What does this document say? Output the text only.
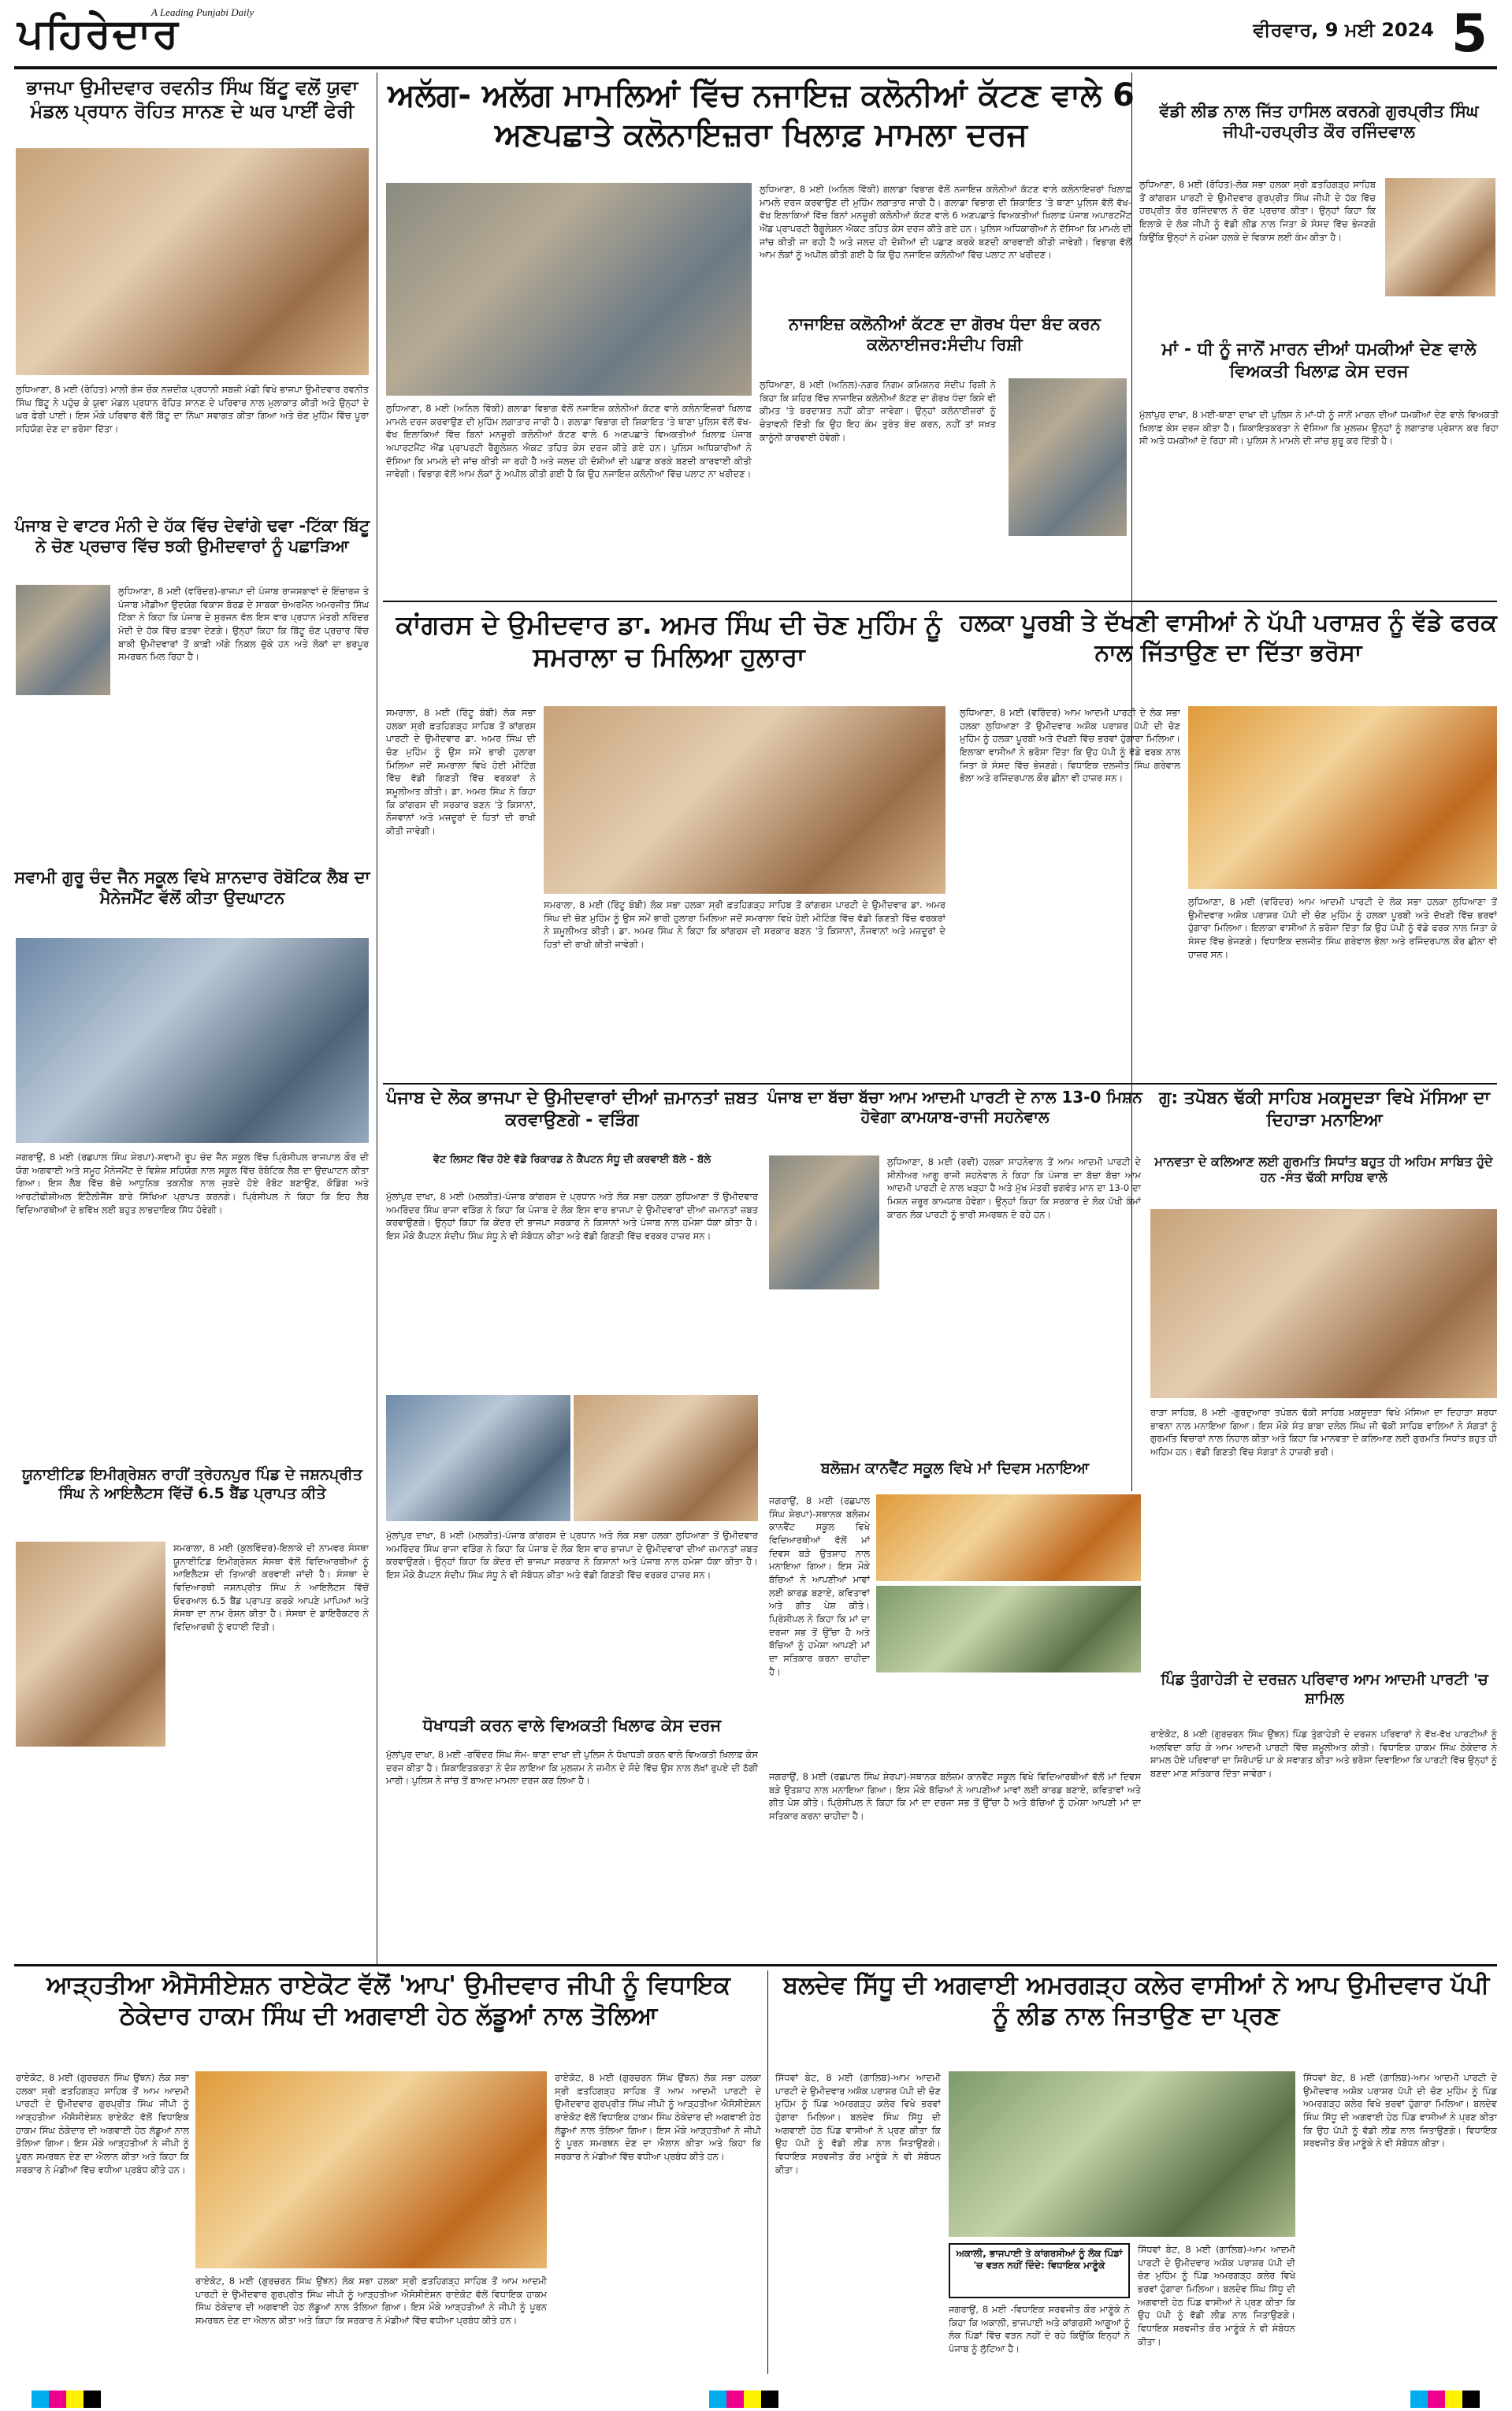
ਪਹਿਰੇਦਾਰ
A Leading Punjabi Daily
ਵੀਰਵਾਰ, 9 ਮਈ 2024 5
ਭਾਜਪਾ ਉਮੀਦਵਾਰ ਰਵਨੀਤ ਸਿੰਘ ਬਿੱਟੂ ਵਲੋਂ ਯੁਵਾ ਮੰਡਲ ਪ੍ਰਧਾਨ ਰੋਹਿਤ ਸਾਨਣ ਦੇ ਘਰ ਪਾਈਂ ਫੇਰੀ
ਲੁਧਿਆਣਾ, 8 ਮਈ (ਰੋਹਿਤ) ਮਾਲੀ ਗੰਜ ਚੌਕ ਨਜ਼ਦੀਕ ਪ੍ਰਧਾਨੀ ਸਬਜ਼ੀ ਮੰਡੀ ਵਿਖੇ ਭਾਜਪਾ ਉਮੀਦਵਾਰ ਰਵਨੀਤ ਸਿੰਘ ਬਿੱਟੂ ਨੇ ਪਹੁੰਚ ਕੇ ਯੁਵਾ ਮੰਡਲ ਪ੍ਰਧਾਨ ਰੋਹਿਤ ਸਾਨਣ ਦੇ ਪਰਿਵਾਰ ਨਾਲ ਮੁਲਾਕਾਤ ਕੀਤੀ ਅਤੇ ਉਨ੍ਹਾਂ ਦੇ ਘਰ ਫੇਰੀ ਪਾਈ। ਇਸ ਮੌਕੇ ਪਰਿਵਾਰ ਵੱਲੋਂ ਬਿੱਟੂ ਦਾ ਨਿੱਘਾ ਸਵਾਗਤ ਕੀਤਾ ਗਿਆ ਅਤੇ ਚੋਣ ਮੁਹਿੰਮ ਵਿੱਚ ਪੂਰਾ ਸਹਿਯੋਗ ਦੇਣ ਦਾ ਭਰੋਸਾ ਦਿੱਤਾ।
ਪੰਜਾਬ ਦੇ ਵਾਟਰ ਮੰਨੀ ਦੇ ਹੱਕ ਵਿੱਚ ਦੇਵਾਂਗੇ ਢਵਾ -ਟਿੱਕਾ ਬਿੱਟੂ ਨੇ ਚੋਣ ਪ੍ਰਚਾਰ ਵਿੱਚ ਝਕੀ ਉਮੀਦਵਾਰਾਂ ਨੂੰ ਪਛਾੜਿਆ
ਲੁਧਿਆਣਾ, 8 ਮਈ (ਵਰਿੰਦਰ)-ਭਾਜਪਾ ਦੀ ਪੰਜਾਬ ਰਾਜਸਭਾਵਾਂ ਦੇ ਇੰਚਾਰਜ ਤੇ ਪੰਜਾਬ ਮੀਡੀਆ ਉਦਯੋਗ ਵਿਕਾਸ ਬੋਰਡ ਦੇ ਸਾਬਕਾ ਚੇਅਰਮੈਨ ਅਮਰਜੀਤ ਸਿੰਘ ਟਿੱਕਾ ਨੇ ਕਿਹਾ ਕਿ ਪੰਜਾਬ ਦੇ ਸੁਰਜਨ ਵੱਲ ਇਸ ਵਾਰ ਪ੍ਰਧਾਨ ਮੰਤਰੀ ਨਰਿੰਦਰ ਮੋਦੀ ਦੇ ਹੱਕ ਵਿੱਚ ਫ਼ਤਵਾ ਦੇਣਗੇ। ਉਨ੍ਹਾਂ ਕਿਹਾ ਕਿ ਬਿੱਟੂ ਚੋਣ ਪ੍ਰਚਾਰ ਵਿੱਚ ਬਾਕੀ ਉਮੀਦਵਾਰਾਂ ਤੋਂ ਕਾਫ਼ੀ ਅੱਗੇ ਨਿਕਲ ਚੁੱਕੇ ਹਨ ਅਤੇ ਲੋਕਾਂ ਦਾ ਭਰਪੂਰ ਸਮਰਥਨ ਮਿਲ ਰਿਹਾ ਹੈ।
ਸਵਾਮੀ ਗੁਰੂ ਚੰਦ ਜੈਨ ਸਕੂਲ ਵਿਖੇ ਸ਼ਾਨਦਾਰ ਰੋਬੋਟਿਕ ਲੈਬ ਦਾ ਮੈਨੇਜਮੈਂਟ ਵੱਲੋਂ ਕੀਤਾ ਉਦਘਾਟਨ
ਜਗਰਾਉਂ, 8 ਮਈ (ਰਛਪਾਲ ਸਿੰਘ ਸ਼ੇਰਪਾ)-ਸਵਾਮੀ ਰੂਪ ਚੰਦ ਜੈਨ ਸਕੂਲ ਵਿੱਚ ਪ੍ਰਿੰਸੀਪਲ ਰਾਜਪਾਲ ਕੌਰ ਦੀ ਯੋਗ ਅਗਵਾਈ ਅਤੇ ਸਮੂਹ ਮੈਨੇਜਮੈਂਟ ਦੇ ਵਿਸ਼ੇਸ਼ ਸਹਿਯੋਗ ਨਾਲ ਸਕੂਲ ਵਿੱਚ ਰੋਬੋਟਿਕ ਲੈਬ ਦਾ ਉਦਘਾਟਨ ਕੀਤਾ ਗਿਆ। ਇਸ ਲੈਬ ਵਿੱਚ ਬੱਚੇ ਆਧੁਨਿਕ ਤਕਨੀਕ ਨਾਲ ਜੁੜਦੇ ਹੋਏ ਰੋਬੋਟ ਬਣਾਉਣ, ਕੋਡਿੰਗ ਅਤੇ ਆਰਟੀਫੀਸ਼ੀਅਲ ਇੰਟੈਲੀਜੈਂਸ ਬਾਰੇ ਸਿੱਖਿਆ ਪ੍ਰਾਪਤ ਕਰਨਗੇ। ਪ੍ਰਿੰਸੀਪਲ ਨੇ ਕਿਹਾ ਕਿ ਇਹ ਲੈਬ ਵਿਦਿਆਰਥੀਆਂ ਦੇ ਭਵਿੱਖ ਲਈ ਬਹੁਤ ਲਾਭਦਾਇਕ ਸਿੱਧ ਹੋਵੇਗੀ।
ਯੂਨਾਈਟਿਡ ਇਮੀਗ੍ਰੇਸ਼ਨ ਰਾਹੀਂ ਤ੍ਰੇਹਨਪੁਰ ਪਿੰਡ ਦੇ ਜਸ਼ਨਪ੍ਰੀਤ ਸਿੰਘ ਨੇ ਆਇਲੈਟਸ ਵਿੱਚੋਂ 6.5 ਬੈਂਡ ਪ੍ਰਾਪਤ ਕੀਤੇ
ਸਮਰਾਲਾ, 8 ਮਈ (ਕੁਲਵਿੰਦਰ)-ਇਲਾਕੇ ਦੀ ਨਾਮਵਰ ਸੰਸਥਾ ਯੂਨਾਈਟਿਡ ਇਮੀਗ੍ਰੇਸ਼ਨ ਸੰਸਥਾ ਵੱਲੋਂ ਵਿਦਿਆਰਥੀਆਂ ਨੂੰ ਆਇਲੈਟਸ ਦੀ ਤਿਆਰੀ ਕਰਵਾਈ ਜਾਂਦੀ ਹੈ। ਸੰਸਥਾ ਦੇ ਵਿਦਿਆਰਥੀ ਜਸ਼ਨਪ੍ਰੀਤ ਸਿੰਘ ਨੇ ਆਇਲੈਟਸ ਵਿੱਚੋਂ ਓਵਰਆਲ 6.5 ਬੈਂਡ ਪ੍ਰਾਪਤ ਕਰਕੇ ਆਪਣੇ ਮਾਪਿਆਂ ਅਤੇ ਸੰਸਥਾ ਦਾ ਨਾਮ ਰੋਸ਼ਨ ਕੀਤਾ ਹੈ। ਸੰਸਥਾ ਦੇ ਡਾਇਰੈਕਟਰ ਨੇ ਵਿਦਿਆਰਥੀ ਨੂੰ ਵਧਾਈ ਦਿੱਤੀ।
ਅਲੱਗ- ਅਲੱਗ ਮਾਮਲਿਆਂ ਵਿੱਚ ਨਜਾਇਜ਼ ਕਲੋਨੀਆਂ ਕੱਟਣ ਵਾਲੇ 6 ਅਣਪਛਾਤੇ ਕਲੋਨਾਇਜ਼ਰਾ ਖਿਲਾਫ਼ ਮਾਮਲਾ ਦਰਜ
ਲੁਧਿਆਣਾ, 8 ਮਈ (ਅਨਿਲ ਵਿੱਕੀ) ਗਲਾਡਾ ਵਿਭਾਗ ਵੱਲੋਂ ਨਜਾਇਜ਼ ਕਲੋਨੀਆਂ ਕੱਟਣ ਵਾਲੇ ਕਲੋਨਾਇਜ਼ਰਾਂ ਖਿਲਾਫ਼ ਮਾਮਲੇ ਦਰਜ ਕਰਵਾਉਣ ਦੀ ਮੁਹਿੰਮ ਲਗਾਤਾਰ ਜਾਰੀ ਹੈ। ਗਲਾਡਾ ਵਿਭਾਗ ਦੀ ਸ਼ਿਕਾਇਤ 'ਤੇ ਥਾਣਾ ਪੁਲਿਸ ਵੱਲੋਂ ਵੱਖ-ਵੱਖ ਇਲਾਕਿਆਂ ਵਿੱਚ ਬਿਨਾਂ ਮਨਜ਼ੂਰੀ ਕਲੋਨੀਆਂ ਕੱਟਣ ਵਾਲੇ 6 ਅਣਪਛਾਤੇ ਵਿਅਕਤੀਆਂ ਖ਼ਿਲਾਫ਼ ਪੰਜਾਬ ਅਪਾਰਟਮੈਂਟ ਐਂਡ ਪ੍ਰਾਪਰਟੀ ਰੈਗੂਲੇਸ਼ਨ ਐਕਟ ਤਹਿਤ ਕੇਸ ਦਰਜ ਕੀਤੇ ਗਏ ਹਨ। ਪੁਲਿਸ ਅਧਿਕਾਰੀਆਂ ਨੇ ਦੱਸਿਆ ਕਿ ਮਾਮਲੇ ਦੀ ਜਾਂਚ ਕੀਤੀ ਜਾ ਰਹੀ ਹੈ ਅਤੇ ਜਲਦ ਹੀ ਦੋਸ਼ੀਆਂ ਦੀ ਪਛਾਣ ਕਰਕੇ ਬਣਦੀ ਕਾਰਵਾਈ ਕੀਤੀ ਜਾਵੇਗੀ। ਵਿਭਾਗ ਵੱਲੋਂ ਆਮ ਲੋਕਾਂ ਨੂੰ ਅਪੀਲ ਕੀਤੀ ਗਈ ਹੈ ਕਿ ਉਹ ਨਜਾਇਜ਼ ਕਲੋਨੀਆਂ ਵਿੱਚ ਪਲਾਟ ਨਾ ਖਰੀਦਣ।
ਲੁਧਿਆਣਾ, 8 ਮਈ (ਅਨਿਲ ਵਿੱਕੀ) ਗਲਾਡਾ ਵਿਭਾਗ ਵੱਲੋਂ ਨਜਾਇਜ਼ ਕਲੋਨੀਆਂ ਕੱਟਣ ਵਾਲੇ ਕਲੋਨਾਇਜ਼ਰਾਂ ਖਿਲਾਫ਼ ਮਾਮਲੇ ਦਰਜ ਕਰਵਾਉਣ ਦੀ ਮੁਹਿੰਮ ਲਗਾਤਾਰ ਜਾਰੀ ਹੈ। ਗਲਾਡਾ ਵਿਭਾਗ ਦੀ ਸ਼ਿਕਾਇਤ 'ਤੇ ਥਾਣਾ ਪੁਲਿਸ ਵੱਲੋਂ ਵੱਖ-ਵੱਖ ਇਲਾਕਿਆਂ ਵਿੱਚ ਬਿਨਾਂ ਮਨਜ਼ੂਰੀ ਕਲੋਨੀਆਂ ਕੱਟਣ ਵਾਲੇ 6 ਅਣਪਛਾਤੇ ਵਿਅਕਤੀਆਂ ਖ਼ਿਲਾਫ਼ ਪੰਜਾਬ ਅਪਾਰਟਮੈਂਟ ਐਂਡ ਪ੍ਰਾਪਰਟੀ ਰੈਗੂਲੇਸ਼ਨ ਐਕਟ ਤਹਿਤ ਕੇਸ ਦਰਜ ਕੀਤੇ ਗਏ ਹਨ। ਪੁਲਿਸ ਅਧਿਕਾਰੀਆਂ ਨੇ ਦੱਸਿਆ ਕਿ ਮਾਮਲੇ ਦੀ ਜਾਂਚ ਕੀਤੀ ਜਾ ਰਹੀ ਹੈ ਅਤੇ ਜਲਦ ਹੀ ਦੋਸ਼ੀਆਂ ਦੀ ਪਛਾਣ ਕਰਕੇ ਬਣਦੀ ਕਾਰਵਾਈ ਕੀਤੀ ਜਾਵੇਗੀ। ਵਿਭਾਗ ਵੱਲੋਂ ਆਮ ਲੋਕਾਂ ਨੂੰ ਅਪੀਲ ਕੀਤੀ ਗਈ ਹੈ ਕਿ ਉਹ ਨਜਾਇਜ਼ ਕਲੋਨੀਆਂ ਵਿੱਚ ਪਲਾਟ ਨਾ ਖਰੀਦਣ।
ਨਾਜਾਇਜ਼ ਕਲੋਨੀਆਂ ਕੱਟਣ ਦਾ ਗੋਰਖ ਧੰਦਾ ਬੰਦ ਕਰਨ ਕਲੋਨਾਈਜਰ:ਸੰਦੀਪ ਰਿਸ਼ੀ
ਲੁਧਿਆਣਾ, 8 ਮਈ (ਅਨਿਲ)-ਨਗਰ ਨਿਗਮ ਕਮਿਸ਼ਨਰ ਸੰਦੀਪ ਰਿਸ਼ੀ ਨੇ ਕਿਹਾ ਕਿ ਸ਼ਹਿਰ ਵਿੱਚ ਨਾਜਾਇਜ਼ ਕਲੋਨੀਆਂ ਕੱਟਣ ਦਾ ਗੋਰਖ ਧੰਦਾ ਕਿਸੇ ਵੀ ਕੀਮਤ 'ਤੇ ਬਰਦਾਸ਼ਤ ਨਹੀਂ ਕੀਤਾ ਜਾਵੇਗਾ। ਉਨ੍ਹਾਂ ਕਲੋਨਾਈਜ਼ਰਾਂ ਨੂੰ ਚੇਤਾਵਨੀ ਦਿੱਤੀ ਕਿ ਉਹ ਇਹ ਕੰਮ ਤੁਰੰਤ ਬੰਦ ਕਰਨ, ਨਹੀਂ ਤਾਂ ਸਖ਼ਤ ਕਾਨੂੰਨੀ ਕਾਰਵਾਈ ਹੋਵੇਗੀ।
ਵੱਡੀ ਲੀਡ ਨਾਲ ਜਿੱਤ ਹਾਸਿਲ ਕਰਨਗੇ ਗੁਰਪ੍ਰੀਤ ਸਿੰਘ ਜੀਪੀ-ਹਰਪ੍ਰੀਤ ਕੌਰ ਰਜਿੰਦਵਾਲ
ਲੁਧਿਆਣਾ, 8 ਮਈ (ਰੋਹਿਤ)-ਲੋਕ ਸਭਾ ਹਲਕਾ ਸ੍ਰੀ ਫ਼ਤਹਿਗੜ੍ਹ ਸਾਹਿਬ ਤੋਂ ਕਾਂਗਰਸ ਪਾਰਟੀ ਦੇ ਉਮੀਦਵਾਰ ਗੁਰਪ੍ਰੀਤ ਸਿੰਘ ਜੀਪੀ ਦੇ ਹੱਕ ਵਿੱਚ ਹਰਪ੍ਰੀਤ ਕੌਰ ਰਜਿੰਦਵਾਲ ਨੇ ਚੋਣ ਪ੍ਰਚਾਰ ਕੀਤਾ। ਉਨ੍ਹਾਂ ਕਿਹਾ ਕਿ ਇਲਾਕੇ ਦੇ ਲੋਕ ਜੀਪੀ ਨੂੰ ਵੱਡੀ ਲੀਡ ਨਾਲ ਜਿਤਾ ਕੇ ਸੰਸਦ ਵਿੱਚ ਭੇਜਣਗੇ ਕਿਉਂਕਿ ਉਨ੍ਹਾਂ ਨੇ ਹਮੇਸ਼ਾ ਹਲਕੇ ਦੇ ਵਿਕਾਸ ਲਈ ਕੰਮ ਕੀਤਾ ਹੈ।
ਮਾਂ - ਧੀ ਨੂੰ ਜਾਨੋਂ ਮਾਰਨ ਦੀਆਂ ਧਮਕੀਆਂ ਦੇਣ ਵਾਲੇ ਵਿਅਕਤੀ ਖਿਲਾਫ਼ ਕੇਸ ਦਰਜ
ਮੁੱਲਾਂਪੁਰ ਦਾਖਾ, 8 ਮਈ-ਥਾਣਾ ਦਾਖਾ ਦੀ ਪੁਲਿਸ ਨੇ ਮਾਂ-ਧੀ ਨੂੰ ਜਾਨੋਂ ਮਾਰਨ ਦੀਆਂ ਧਮਕੀਆਂ ਦੇਣ ਵਾਲੇ ਵਿਅਕਤੀ ਖ਼ਿਲਾਫ਼ ਕੇਸ ਦਰਜ ਕੀਤਾ ਹੈ। ਸ਼ਿਕਾਇਤਕਰਤਾ ਨੇ ਦੱਸਿਆ ਕਿ ਮੁਲਜ਼ਮ ਉਨ੍ਹਾਂ ਨੂੰ ਲਗਾਤਾਰ ਪ੍ਰੇਸ਼ਾਨ ਕਰ ਰਿਹਾ ਸੀ ਅਤੇ ਧਮਕੀਆਂ ਦੇ ਰਿਹਾ ਸੀ। ਪੁਲਿਸ ਨੇ ਮਾਮਲੇ ਦੀ ਜਾਂਚ ਸ਼ੁਰੂ ਕਰ ਦਿੱਤੀ ਹੈ।
ਕਾਂਗਰਸ ਦੇ ਉਮੀਦਵਾਰ ਡਾ. ਅਮਰ ਸਿੰਘ ਦੀ ਚੋਣ ਮੁਹਿੰਮ ਨੂੰ ਸਮਰਾਲਾ ਚ ਮਿਲਿਆ ਹੁਲਾਰਾ
ਸਮਰਾਲਾ, 8 ਮਈ (ਰਿੰਟੂ ਬੰਬੀ) ਲੋਕ ਸਭਾ ਹਲਕਾ ਸ੍ਰੀ ਫ਼ਤਹਿਗੜ੍ਹ ਸਾਹਿਬ ਤੋਂ ਕਾਂਗਰਸ ਪਾਰਟੀ ਦੇ ਉਮੀਦਵਾਰ ਡਾ. ਅਮਰ ਸਿੰਘ ਦੀ ਚੋਣ ਮੁਹਿੰਮ ਨੂੰ ਉਸ ਸਮੇਂ ਭਾਰੀ ਹੁਲਾਰਾ ਮਿਲਿਆ ਜਦੋਂ ਸਮਰਾਲਾ ਵਿਖੇ ਹੋਈ ਮੀਟਿੰਗ ਵਿੱਚ ਵੱਡੀ ਗਿਣਤੀ ਵਿੱਚ ਵਰਕਰਾਂ ਨੇ ਸ਼ਮੂਲੀਅਤ ਕੀਤੀ। ਡਾ. ਅਮਰ ਸਿੰਘ ਨੇ ਕਿਹਾ ਕਿ ਕਾਂਗਰਸ ਦੀ ਸਰਕਾਰ ਬਣਨ 'ਤੇ ਕਿਸਾਨਾਂ, ਨੌਜਵਾਨਾਂ ਅਤੇ ਮਜ਼ਦੂਰਾਂ ਦੇ ਹਿਤਾਂ ਦੀ ਰਾਖੀ ਕੀਤੀ ਜਾਵੇਗੀ।
ਸਮਰਾਲਾ, 8 ਮਈ (ਰਿੰਟੂ ਬੰਬੀ) ਲੋਕ ਸਭਾ ਹਲਕਾ ਸ੍ਰੀ ਫ਼ਤਹਿਗੜ੍ਹ ਸਾਹਿਬ ਤੋਂ ਕਾਂਗਰਸ ਪਾਰਟੀ ਦੇ ਉਮੀਦਵਾਰ ਡਾ. ਅਮਰ ਸਿੰਘ ਦੀ ਚੋਣ ਮੁਹਿੰਮ ਨੂੰ ਉਸ ਸਮੇਂ ਭਾਰੀ ਹੁਲਾਰਾ ਮਿਲਿਆ ਜਦੋਂ ਸਮਰਾਲਾ ਵਿਖੇ ਹੋਈ ਮੀਟਿੰਗ ਵਿੱਚ ਵੱਡੀ ਗਿਣਤੀ ਵਿੱਚ ਵਰਕਰਾਂ ਨੇ ਸ਼ਮੂਲੀਅਤ ਕੀਤੀ। ਡਾ. ਅਮਰ ਸਿੰਘ ਨੇ ਕਿਹਾ ਕਿ ਕਾਂਗਰਸ ਦੀ ਸਰਕਾਰ ਬਣਨ 'ਤੇ ਕਿਸਾਨਾਂ, ਨੌਜਵਾਨਾਂ ਅਤੇ ਮਜ਼ਦੂਰਾਂ ਦੇ ਹਿਤਾਂ ਦੀ ਰਾਖੀ ਕੀਤੀ ਜਾਵੇਗੀ।
ਹਲਕਾ ਪੂਰਬੀ ਤੇ ਦੱਖਣੀ ਵਾਸੀਆਂ ਨੇ ਪੱਪੀ ਪਰਾਸ਼ਰ ਨੂੰ ਵੱਡੇ ਫਰਕ ਨਾਲ ਜਿੱਤਾਉਣ ਦਾ ਦਿੱਤਾ ਭਰੋਸਾ
ਲੁਧਿਆਣਾ, 8 ਮਈ (ਵਰਿੰਦਰ) ਆਮ ਆਦਮੀ ਪਾਰਟੀ ਦੇ ਲੋਕ ਸਭਾ ਹਲਕਾ ਲੁਧਿਆਣਾ ਤੋਂ ਉਮੀਦਵਾਰ ਅਸ਼ੋਕ ਪਰਾਸ਼ਰ ਪੱਪੀ ਦੀ ਚੋਣ ਮੁਹਿੰਮ ਨੂੰ ਹਲਕਾ ਪੂਰਬੀ ਅਤੇ ਦੱਖਣੀ ਵਿੱਚ ਭਰਵਾਂ ਹੁੰਗਾਰਾ ਮਿਲਿਆ। ਇਲਾਕਾ ਵਾਸੀਆਂ ਨੇ ਭਰੋਸਾ ਦਿੱਤਾ ਕਿ ਉਹ ਪੱਪੀ ਨੂੰ ਵੱਡੇ ਫਰਕ ਨਾਲ ਜਿਤਾ ਕੇ ਸੰਸਦ ਵਿੱਚ ਭੇਜਣਗੇ। ਵਿਧਾਇਕ ਦਲਜੀਤ ਸਿੰਘ ਗਰੇਵਾਲ ਭੋਲਾ ਅਤੇ ਰਜਿੰਦਰਪਾਲ ਕੌਰ ਛੀਨਾ ਵੀ ਹਾਜ਼ਰ ਸਨ।
ਲੁਧਿਆਣਾ, 8 ਮਈ (ਵਰਿੰਦਰ) ਆਮ ਆਦਮੀ ਪਾਰਟੀ ਦੇ ਲੋਕ ਸਭਾ ਹਲਕਾ ਲੁਧਿਆਣਾ ਤੋਂ ਉਮੀਦਵਾਰ ਅਸ਼ੋਕ ਪਰਾਸ਼ਰ ਪੱਪੀ ਦੀ ਚੋਣ ਮੁਹਿੰਮ ਨੂੰ ਹਲਕਾ ਪੂਰਬੀ ਅਤੇ ਦੱਖਣੀ ਵਿੱਚ ਭਰਵਾਂ ਹੁੰਗਾਰਾ ਮਿਲਿਆ। ਇਲਾਕਾ ਵਾਸੀਆਂ ਨੇ ਭਰੋਸਾ ਦਿੱਤਾ ਕਿ ਉਹ ਪੱਪੀ ਨੂੰ ਵੱਡੇ ਫਰਕ ਨਾਲ ਜਿਤਾ ਕੇ ਸੰਸਦ ਵਿੱਚ ਭੇਜਣਗੇ। ਵਿਧਾਇਕ ਦਲਜੀਤ ਸਿੰਘ ਗਰੇਵਾਲ ਭੋਲਾ ਅਤੇ ਰਜਿੰਦਰਪਾਲ ਕੌਰ ਛੀਨਾ ਵੀ ਹਾਜ਼ਰ ਸਨ।
ਪੰਜਾਬ ਦੇ ਲੋਕ ਭਾਜਪਾ ਦੇ ਉਮੀਦਵਾਰਾਂ ਦੀਆਂ ਜ਼ਮਾਨਤਾਂ ਜ਼ਬਤ ਕਰਵਾਉਣਗੇ - ਵੜਿੰਗ
ਵੋਟ ਲਿਸਟ ਵਿੱਚ ਹੋਏ ਵੱਡੇ ਰਿਕਾਰਡ ਨੇ ਕੈਪਟਨ ਸੰਧੂ ਦੀ ਕਰਵਾਈ ਬੱਲੇ - ਬੱਲੇ
ਮੁੱਲਾਂਪੁਰ ਦਾਖਾ, 8 ਮਈ (ਮਲਕੀਤ)-ਪੰਜਾਬ ਕਾਂਗਰਸ ਦੇ ਪ੍ਰਧਾਨ ਅਤੇ ਲੋਕ ਸਭਾ ਹਲਕਾ ਲੁਧਿਆਣਾ ਤੋਂ ਉਮੀਦਵਾਰ ਅਮਰਿੰਦਰ ਸਿੰਘ ਰਾਜਾ ਵੜਿੰਗ ਨੇ ਕਿਹਾ ਕਿ ਪੰਜਾਬ ਦੇ ਲੋਕ ਇਸ ਵਾਰ ਭਾਜਪਾ ਦੇ ਉਮੀਦਵਾਰਾਂ ਦੀਆਂ ਜ਼ਮਾਨਤਾਂ ਜ਼ਬਤ ਕਰਵਾਉਣਗੇ। ਉਨ੍ਹਾਂ ਕਿਹਾ ਕਿ ਕੇਂਦਰ ਦੀ ਭਾਜਪਾ ਸਰਕਾਰ ਨੇ ਕਿਸਾਨਾਂ ਅਤੇ ਪੰਜਾਬ ਨਾਲ ਹਮੇਸ਼ਾ ਧੱਕਾ ਕੀਤਾ ਹੈ। ਇਸ ਮੌਕੇ ਕੈਪਟਨ ਸੰਦੀਪ ਸਿੰਘ ਸੰਧੂ ਨੇ ਵੀ ਸੰਬੋਧਨ ਕੀਤਾ ਅਤੇ ਵੱਡੀ ਗਿਣਤੀ ਵਿੱਚ ਵਰਕਰ ਹਾਜ਼ਰ ਸਨ।
ਮੁੱਲਾਂਪੁਰ ਦਾਖਾ, 8 ਮਈ (ਮਲਕੀਤ)-ਪੰਜਾਬ ਕਾਂਗਰਸ ਦੇ ਪ੍ਰਧਾਨ ਅਤੇ ਲੋਕ ਸਭਾ ਹਲਕਾ ਲੁਧਿਆਣਾ ਤੋਂ ਉਮੀਦਵਾਰ ਅਮਰਿੰਦਰ ਸਿੰਘ ਰਾਜਾ ਵੜਿੰਗ ਨੇ ਕਿਹਾ ਕਿ ਪੰਜਾਬ ਦੇ ਲੋਕ ਇਸ ਵਾਰ ਭਾਜਪਾ ਦੇ ਉਮੀਦਵਾਰਾਂ ਦੀਆਂ ਜ਼ਮਾਨਤਾਂ ਜ਼ਬਤ ਕਰਵਾਉਣਗੇ। ਉਨ੍ਹਾਂ ਕਿਹਾ ਕਿ ਕੇਂਦਰ ਦੀ ਭਾਜਪਾ ਸਰਕਾਰ ਨੇ ਕਿਸਾਨਾਂ ਅਤੇ ਪੰਜਾਬ ਨਾਲ ਹਮੇਸ਼ਾ ਧੱਕਾ ਕੀਤਾ ਹੈ। ਇਸ ਮੌਕੇ ਕੈਪਟਨ ਸੰਦੀਪ ਸਿੰਘ ਸੰਧੂ ਨੇ ਵੀ ਸੰਬੋਧਨ ਕੀਤਾ ਅਤੇ ਵੱਡੀ ਗਿਣਤੀ ਵਿੱਚ ਵਰਕਰ ਹਾਜ਼ਰ ਸਨ।
ਧੋਖਾਧੜੀ ਕਰਨ ਵਾਲੇ ਵਿਅਕਤੀ ਖਿਲਾਫ ਕੇਸ ਦਰਜ
ਮੁੱਲਾਂਪੁਰ ਦਾਖਾ, 8 ਮਈ -ਰਵਿੰਦਰ ਸਿੰਘ ਸੋਮ- ਥਾਣਾ ਦਾਖਾ ਦੀ ਪੁਲਿਸ ਨੇ ਧੋਖਾਧੜੀ ਕਰਨ ਵਾਲੇ ਵਿਅਕਤੀ ਖ਼ਿਲਾਫ਼ ਕੇਸ ਦਰਜ ਕੀਤਾ ਹੈ। ਸ਼ਿਕਾਇਤਕਰਤਾ ਨੇ ਦੋਸ਼ ਲਾਇਆ ਕਿ ਮੁਲਜ਼ਮ ਨੇ ਜ਼ਮੀਨ ਦੇ ਸੌਦੇ ਵਿੱਚ ਉਸ ਨਾਲ ਲੱਖਾਂ ਰੁਪਏ ਦੀ ਠੱਗੀ ਮਾਰੀ। ਪੁਲਿਸ ਨੇ ਜਾਂਚ ਤੋਂ ਬਾਅਦ ਮਾਮਲਾ ਦਰਜ ਕਰ ਲਿਆ ਹੈ।
ਪੰਜਾਬ ਦਾ ਬੱਚਾ ਬੱਚਾ ਆਮ ਆਦਮੀ ਪਾਰਟੀ ਦੇ ਨਾਲ 13-0 ਮਿਸ਼ਨ ਹੋਵੇਗਾ ਕਾਮਯਾਬ-ਰਾਜੀ ਸਹਨੇਵਾਲ
ਲੁਧਿਆਣਾ, 8 ਮਈ (ਰਵੀ) ਹਲਕਾ ਸਾਹਨੇਵਾਲ ਤੋਂ ਆਮ ਆਦਮੀ ਪਾਰਟੀ ਦੇ ਸੀਨੀਅਰ ਆਗੂ ਰਾਜੀ ਸਹਨੇਵਾਲ ਨੇ ਕਿਹਾ ਕਿ ਪੰਜਾਬ ਦਾ ਬੱਚਾ ਬੱਚਾ ਆਮ ਆਦਮੀ ਪਾਰਟੀ ਦੇ ਨਾਲ ਖੜ੍ਹਾ ਹੈ ਅਤੇ ਮੁੱਖ ਮੰਤਰੀ ਭਗਵੰਤ ਮਾਨ ਦਾ 13-0 ਦਾ ਮਿਸ਼ਨ ਜ਼ਰੂਰ ਕਾਮਯਾਬ ਹੋਵੇਗਾ। ਉਨ੍ਹਾਂ ਕਿਹਾ ਕਿ ਸਰਕਾਰ ਦੇ ਲੋਕ ਪੱਖੀ ਕੰਮਾਂ ਕਾਰਨ ਲੋਕ ਪਾਰਟੀ ਨੂੰ ਭਾਰੀ ਸਮਰਥਨ ਦੇ ਰਹੇ ਹਨ।
ਬਲੋਜ਼ਮ ਕਾਨਵੈਂਟ ਸਕੂਲ ਵਿਖੇ ਮਾਂ ਦਿਵਸ ਮਨਾਇਆ
ਜਗਰਾਉਂ, 8 ਮਈ (ਰਛਪਾਲ ਸਿੰਘ ਸ਼ੇਰਪਾ)-ਸਥਾਨਕ ਬਲੋਜ਼ਮ ਕਾਨਵੈਂਟ ਸਕੂਲ ਵਿਖੇ ਵਿਦਿਆਰਥੀਆਂ ਵੱਲੋਂ ਮਾਂ ਦਿਵਸ ਬੜੇ ਉਤਸ਼ਾਹ ਨਾਲ ਮਨਾਇਆ ਗਿਆ। ਇਸ ਮੌਕੇ ਬੱਚਿਆਂ ਨੇ ਆਪਣੀਆਂ ਮਾਵਾਂ ਲਈ ਕਾਰਡ ਬਣਾਏ, ਕਵਿਤਾਵਾਂ ਅਤੇ ਗੀਤ ਪੇਸ਼ ਕੀਤੇ। ਪ੍ਰਿੰਸੀਪਲ ਨੇ ਕਿਹਾ ਕਿ ਮਾਂ ਦਾ ਦਰਜਾ ਸਭ ਤੋਂ ਉੱਚਾ ਹੈ ਅਤੇ ਬੱਚਿਆਂ ਨੂੰ ਹਮੇਸ਼ਾ ਆਪਣੀ ਮਾਂ ਦਾ ਸਤਿਕਾਰ ਕਰਨਾ ਚਾਹੀਦਾ ਹੈ।
ਜਗਰਾਉਂ, 8 ਮਈ (ਰਛਪਾਲ ਸਿੰਘ ਸ਼ੇਰਪਾ)-ਸਥਾਨਕ ਬਲੋਜ਼ਮ ਕਾਨਵੈਂਟ ਸਕੂਲ ਵਿਖੇ ਵਿਦਿਆਰਥੀਆਂ ਵੱਲੋਂ ਮਾਂ ਦਿਵਸ ਬੜੇ ਉਤਸ਼ਾਹ ਨਾਲ ਮਨਾਇਆ ਗਿਆ। ਇਸ ਮੌਕੇ ਬੱਚਿਆਂ ਨੇ ਆਪਣੀਆਂ ਮਾਵਾਂ ਲਈ ਕਾਰਡ ਬਣਾਏ, ਕਵਿਤਾਵਾਂ ਅਤੇ ਗੀਤ ਪੇਸ਼ ਕੀਤੇ। ਪ੍ਰਿੰਸੀਪਲ ਨੇ ਕਿਹਾ ਕਿ ਮਾਂ ਦਾ ਦਰਜਾ ਸਭ ਤੋਂ ਉੱਚਾ ਹੈ ਅਤੇ ਬੱਚਿਆਂ ਨੂੰ ਹਮੇਸ਼ਾ ਆਪਣੀ ਮਾਂ ਦਾ ਸਤਿਕਾਰ ਕਰਨਾ ਚਾਹੀਦਾ ਹੈ।
ਗੁ: ਤਪੋਬਨ ਢੱਕੀ ਸਾਹਿਬ ਮਕਸੂਦੜਾ ਵਿਖੇ ਮੱਸਿਆ ਦਾ ਦਿਹਾੜਾ ਮਨਾਇਆ
ਮਾਨਵਤਾ ਦੇ ਕਲਿਆਣ ਲਈ ਗੁਰਮਤਿ ਸਿਧਾਂਤ ਬਹੁਤ ਹੀ ਅਹਿਮ ਸਾਬਿਤ ਹੁੰਦੇ ਹਨ -ਸੰਤ ਢੱਕੀ ਸਾਹਿਬ ਵਾਲੇ
ਰਾੜਾ ਸਾਹਿਬ, 8 ਮਈ -ਗੁਰਦੁਆਰਾ ਤਪੋਬਨ ਢੱਕੀ ਸਾਹਿਬ ਮਕਸੂਦੜਾ ਵਿਖੇ ਮੱਸਿਆ ਦਾ ਦਿਹਾੜਾ ਸ਼ਰਧਾ ਭਾਵਨਾ ਨਾਲ ਮਨਾਇਆ ਗਿਆ। ਇਸ ਮੌਕੇ ਸੰਤ ਬਾਬਾ ਦਲੇਲ ਸਿੰਘ ਜੀ ਢੱਕੀ ਸਾਹਿਬ ਵਾਲਿਆਂ ਨੇ ਸੰਗਤਾਂ ਨੂੰ ਗੁਰਮਤਿ ਵਿਚਾਰਾਂ ਨਾਲ ਨਿਹਾਲ ਕੀਤਾ ਅਤੇ ਕਿਹਾ ਕਿ ਮਾਨਵਤਾ ਦੇ ਕਲਿਆਣ ਲਈ ਗੁਰਮਤਿ ਸਿਧਾਂਤ ਬਹੁਤ ਹੀ ਅਹਿਮ ਹਨ। ਵੱਡੀ ਗਿਣਤੀ ਵਿੱਚ ਸੰਗਤਾਂ ਨੇ ਹਾਜ਼ਰੀ ਭਰੀ।
ਪਿੰਡ ਤੁੰਗਾਹੇੜੀ ਦੇ ਦਰਜ਼ਨ ਪਰਿਵਾਰ ਆਮ ਆਦਮੀ ਪਾਰਟੀ 'ਚ ਸ਼ਾਮਿਲ
ਰਾਏਕੋਟ, 8 ਮਈ (ਗੁਰਚਰਨ ਸਿੰਘ ਉਂਝਨ) ਪਿੰਡ ਤੁੰਗਾਹੇੜੀ ਦੇ ਦਰਜ਼ਨ ਪਰਿਵਾਰਾਂ ਨੇ ਵੱਖ-ਵੱਖ ਪਾਰਟੀਆਂ ਨੂੰ ਅਲਵਿਦਾ ਕਹਿ ਕੇ ਆਮ ਆਦਮੀ ਪਾਰਟੀ ਵਿੱਚ ਸ਼ਮੂਲੀਅਤ ਕੀਤੀ। ਵਿਧਾਇਕ ਹਾਕਮ ਸਿੰਘ ਠੇਕੇਦਾਰ ਨੇ ਸ਼ਾਮਲ ਹੋਏ ਪਰਿਵਾਰਾਂ ਦਾ ਸਿਰੋਪਾਓ ਪਾ ਕੇ ਸਵਾਗਤ ਕੀਤਾ ਅਤੇ ਭਰੋਸਾ ਦਿਵਾਇਆ ਕਿ ਪਾਰਟੀ ਵਿੱਚ ਉਨ੍ਹਾਂ ਨੂੰ ਬਣਦਾ ਮਾਣ ਸਤਿਕਾਰ ਦਿੱਤਾ ਜਾਵੇਗਾ।
ਆੜ੍ਹਤੀਆ ਐਸੋਸੀਏਸ਼ਨ ਰਾਏਕੋਟ ਵੱਲੋਂ 'ਆਪ' ਉਮੀਦਵਾਰ ਜੀਪੀ ਨੂੰ ਵਿਧਾਇਕ ਠੇਕੇਦਾਰ ਹਾਕਮ ਸਿੰਘ ਦੀ ਅਗਵਾਈ ਹੇਠ ਲੱਡੂਆਂ ਨਾਲ ਤੋਲਿਆ
ਰਾਏਕੋਟ, 8 ਮਈ (ਗੁਰਚਰਨ ਸਿੰਘ ਉਂਝਨ) ਲੋਕ ਸਭਾ ਹਲਕਾ ਸ੍ਰੀ ਫ਼ਤਹਿਗੜ੍ਹ ਸਾਹਿਬ ਤੋਂ ਆਮ ਆਦਮੀ ਪਾਰਟੀ ਦੇ ਉਮੀਦਵਾਰ ਗੁਰਪ੍ਰੀਤ ਸਿੰਘ ਜੀਪੀ ਨੂੰ ਆੜ੍ਹਤੀਆ ਐਸੋਸੀਏਸ਼ਨ ਰਾਏਕੋਟ ਵੱਲੋਂ ਵਿਧਾਇਕ ਹਾਕਮ ਸਿੰਘ ਠੇਕੇਦਾਰ ਦੀ ਅਗਵਾਈ ਹੇਠ ਲੱਡੂਆਂ ਨਾਲ ਤੋਲਿਆ ਗਿਆ। ਇਸ ਮੌਕੇ ਆੜ੍ਹਤੀਆਂ ਨੇ ਜੀਪੀ ਨੂੰ ਪੂਰਨ ਸਮਰਥਨ ਦੇਣ ਦਾ ਐਲਾਨ ਕੀਤਾ ਅਤੇ ਕਿਹਾ ਕਿ ਸਰਕਾਰ ਨੇ ਮੰਡੀਆਂ ਵਿੱਚ ਵਧੀਆ ਪ੍ਰਬੰਧ ਕੀਤੇ ਹਨ।
ਰਾਏਕੋਟ, 8 ਮਈ (ਗੁਰਚਰਨ ਸਿੰਘ ਉਂਝਨ) ਲੋਕ ਸਭਾ ਹਲਕਾ ਸ੍ਰੀ ਫ਼ਤਹਿਗੜ੍ਹ ਸਾਹਿਬ ਤੋਂ ਆਮ ਆਦਮੀ ਪਾਰਟੀ ਦੇ ਉਮੀਦਵਾਰ ਗੁਰਪ੍ਰੀਤ ਸਿੰਘ ਜੀਪੀ ਨੂੰ ਆੜ੍ਹਤੀਆ ਐਸੋਸੀਏਸ਼ਨ ਰਾਏਕੋਟ ਵੱਲੋਂ ਵਿਧਾਇਕ ਹਾਕਮ ਸਿੰਘ ਠੇਕੇਦਾਰ ਦੀ ਅਗਵਾਈ ਹੇਠ ਲੱਡੂਆਂ ਨਾਲ ਤੋਲਿਆ ਗਿਆ। ਇਸ ਮੌਕੇ ਆੜ੍ਹਤੀਆਂ ਨੇ ਜੀਪੀ ਨੂੰ ਪੂਰਨ ਸਮਰਥਨ ਦੇਣ ਦਾ ਐਲਾਨ ਕੀਤਾ ਅਤੇ ਕਿਹਾ ਕਿ ਸਰਕਾਰ ਨੇ ਮੰਡੀਆਂ ਵਿੱਚ ਵਧੀਆ ਪ੍ਰਬੰਧ ਕੀਤੇ ਹਨ।
ਰਾਏਕੋਟ, 8 ਮਈ (ਗੁਰਚਰਨ ਸਿੰਘ ਉਂਝਨ) ਲੋਕ ਸਭਾ ਹਲਕਾ ਸ੍ਰੀ ਫ਼ਤਹਿਗੜ੍ਹ ਸਾਹਿਬ ਤੋਂ ਆਮ ਆਦਮੀ ਪਾਰਟੀ ਦੇ ਉਮੀਦਵਾਰ ਗੁਰਪ੍ਰੀਤ ਸਿੰਘ ਜੀਪੀ ਨੂੰ ਆੜ੍ਹਤੀਆ ਐਸੋਸੀਏਸ਼ਨ ਰਾਏਕੋਟ ਵੱਲੋਂ ਵਿਧਾਇਕ ਹਾਕਮ ਸਿੰਘ ਠੇਕੇਦਾਰ ਦੀ ਅਗਵਾਈ ਹੇਠ ਲੱਡੂਆਂ ਨਾਲ ਤੋਲਿਆ ਗਿਆ। ਇਸ ਮੌਕੇ ਆੜ੍ਹਤੀਆਂ ਨੇ ਜੀਪੀ ਨੂੰ ਪੂਰਨ ਸਮਰਥਨ ਦੇਣ ਦਾ ਐਲਾਨ ਕੀਤਾ ਅਤੇ ਕਿਹਾ ਕਿ ਸਰਕਾਰ ਨੇ ਮੰਡੀਆਂ ਵਿੱਚ ਵਧੀਆ ਪ੍ਰਬੰਧ ਕੀਤੇ ਹਨ।
ਬਲਦੇਵ ਸਿੱਧੂ ਦੀ ਅਗਵਾਈ ਅਮਰਗੜ੍ਹ ਕਲੇਰ ਵਾਸੀਆਂ ਨੇ ਆਪ ਉਮੀਦਵਾਰ ਪੱਪੀ ਨੂੰ ਲੀਡ ਨਾਲ ਜਿਤਾਉਣ ਦਾ ਪ੍ਰਣ
ਸਿੱਧਵਾਂ ਬੇਟ, 8 ਮਈ (ਗਾਲਿਬ)-ਆਮ ਆਦਮੀ ਪਾਰਟੀ ਦੇ ਉਮੀਦਵਾਰ ਅਸ਼ੋਕ ਪਰਾਸ਼ਰ ਪੱਪੀ ਦੀ ਚੋਣ ਮੁਹਿੰਮ ਨੂੰ ਪਿੰਡ ਅਮਰਗੜ੍ਹ ਕਲੇਰ ਵਿਖੇ ਭਰਵਾਂ ਹੁੰਗਾਰਾ ਮਿਲਿਆ। ਬਲਦੇਵ ਸਿੰਘ ਸਿੱਧੂ ਦੀ ਅਗਵਾਈ ਹੇਠ ਪਿੰਡ ਵਾਸੀਆਂ ਨੇ ਪ੍ਰਣ ਕੀਤਾ ਕਿ ਉਹ ਪੱਪੀ ਨੂੰ ਵੱਡੀ ਲੀਡ ਨਾਲ ਜਿਤਾਉਣਗੇ। ਵਿਧਾਇਕ ਸਰਵਜੀਤ ਕੌਰ ਮਾਣੂੰਕੇ ਨੇ ਵੀ ਸੰਬੋਧਨ ਕੀਤਾ।
ਅਕਾਲੀ, ਭਾਜਪਾਈ ਤੇ ਕਾਂਗਰਸੀਆਂ ਨੂੰ ਲੋਕ ਪਿੰਡਾਂ 'ਚ ਵੜਨ ਨਹੀਂ ਦਿੰਦੇ: ਵਿਧਾਇਕ ਮਾਣੂੰਕੇ
ਜਗਰਾਉਂ, 8 ਮਈ -ਵਿਧਾਇਕ ਸਰਵਜੀਤ ਕੌਰ ਮਾਣੂੰਕੇ ਨੇ ਕਿਹਾ ਕਿ ਅਕਾਲੀ, ਭਾਜਪਾਈ ਅਤੇ ਕਾਂਗਰਸੀ ਆਗੂਆਂ ਨੂੰ ਲੋਕ ਪਿੰਡਾਂ ਵਿੱਚ ਵੜਨ ਨਹੀਂ ਦੇ ਰਹੇ ਕਿਉਂਕਿ ਇਨ੍ਹਾਂ ਨੇ ਪੰਜਾਬ ਨੂੰ ਲੁੱਟਿਆ ਹੈ।
ਸਿੱਧਵਾਂ ਬੇਟ, 8 ਮਈ (ਗਾਲਿਬ)-ਆਮ ਆਦਮੀ ਪਾਰਟੀ ਦੇ ਉਮੀਦਵਾਰ ਅਸ਼ੋਕ ਪਰਾਸ਼ਰ ਪੱਪੀ ਦੀ ਚੋਣ ਮੁਹਿੰਮ ਨੂੰ ਪਿੰਡ ਅਮਰਗੜ੍ਹ ਕਲੇਰ ਵਿਖੇ ਭਰਵਾਂ ਹੁੰਗਾਰਾ ਮਿਲਿਆ। ਬਲਦੇਵ ਸਿੰਘ ਸਿੱਧੂ ਦੀ ਅਗਵਾਈ ਹੇਠ ਪਿੰਡ ਵਾਸੀਆਂ ਨੇ ਪ੍ਰਣ ਕੀਤਾ ਕਿ ਉਹ ਪੱਪੀ ਨੂੰ ਵੱਡੀ ਲੀਡ ਨਾਲ ਜਿਤਾਉਣਗੇ। ਵਿਧਾਇਕ ਸਰਵਜੀਤ ਕੌਰ ਮਾਣੂੰਕੇ ਨੇ ਵੀ ਸੰਬੋਧਨ ਕੀਤਾ।
ਸਿੱਧਵਾਂ ਬੇਟ, 8 ਮਈ (ਗਾਲਿਬ)-ਆਮ ਆਦਮੀ ਪਾਰਟੀ ਦੇ ਉਮੀਦਵਾਰ ਅਸ਼ੋਕ ਪਰਾਸ਼ਰ ਪੱਪੀ ਦੀ ਚੋਣ ਮੁਹਿੰਮ ਨੂੰ ਪਿੰਡ ਅਮਰਗੜ੍ਹ ਕਲੇਰ ਵਿਖੇ ਭਰਵਾਂ ਹੁੰਗਾਰਾ ਮਿਲਿਆ। ਬਲਦੇਵ ਸਿੰਘ ਸਿੱਧੂ ਦੀ ਅਗਵਾਈ ਹੇਠ ਪਿੰਡ ਵਾਸੀਆਂ ਨੇ ਪ੍ਰਣ ਕੀਤਾ ਕਿ ਉਹ ਪੱਪੀ ਨੂੰ ਵੱਡੀ ਲੀਡ ਨਾਲ ਜਿਤਾਉਣਗੇ। ਵਿਧਾਇਕ ਸਰਵਜੀਤ ਕੌਰ ਮਾਣੂੰਕੇ ਨੇ ਵੀ ਸੰਬੋਧਨ ਕੀਤਾ।
